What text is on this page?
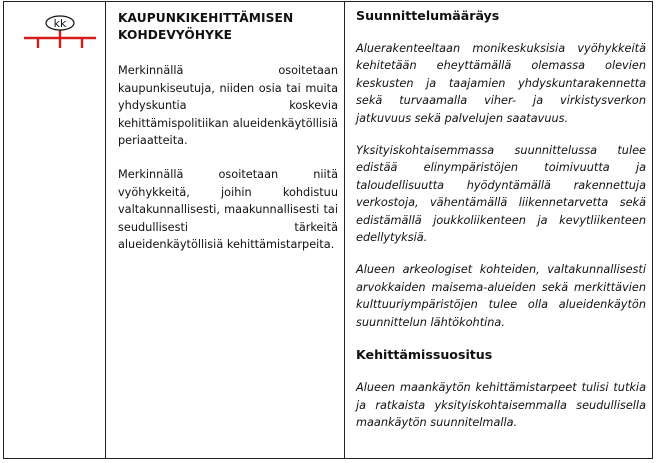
kk	KAUPUNKIKEHITTÄMISEN KOHDEVYÖHYKE

Merkinnällä osoitetaan kaupunkiseutuja, niiden osia tai muita yhdyskuntia koskevia kehittämispolitiikan alueidenkäytöllisiä periaatteita.

Merkinnällä osoitetaan niitä vyöhykkeitä, joihin kohdistuu valtakunnallisesti, maakunnallisesti tai seudullisesti tärkeitä alueidenkäytöllisiä kehittämistarpeita.

Suunnittelumääräys

Aluerakenteeltaan monikeskuksisia vyöhykkeitä kehitetään eheyttämällä olemassa olevien keskusten ja taajamien yhdyskuntarakennetta sekä turvaamalla viher- ja virkistysverkon jatkuvuus sekä palvelujen saatavuus.

Yksityiskohtaisemmassa suunnittelussa tulee edistää elinympäristöjen toimivuutta ja taloudellisuutta hyödyntämällä rakennettuja verkostoja, vähentämällä liikennetarvetta sekä edistämällä joukkoliikenteen ja kevytliikenteen edellytyksiä.

Alueen arkeologiset kohteiden, valtakunnallisesti arvokkaiden maisema-alueiden sekä merkittävien kulttuuriympäristöjen tulee olla alueidenkäytön suunnittelun lähtökohtina.

Kehittämissuositus

Alueen maankäytön kehittämistarpeet tulisi tutkia ja ratkaista yksityiskohtaisemmalla seudullisella maankäytön suunnitelmalla.
